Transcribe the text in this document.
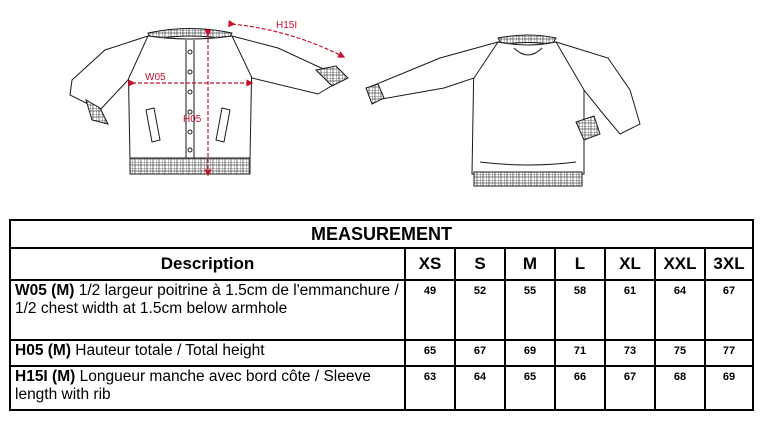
W05
H05
H15I
MEASUREMENT							
Description	XS	S	M	L	XL	XXL	3XL
W05 (M) 1/2 largeur poitrine à 1.5cm de l'emmanchure / 1/2 chest width at 1.5cm below armhole	49	52	55	58	61	64	67
H05 (M) Hauteur totale / Total height	65	67	69	71	73	75	77
H15I (M) Longueur manche avec bord côte / Sleeve length with rib	63	64	65	66	67	68	69
